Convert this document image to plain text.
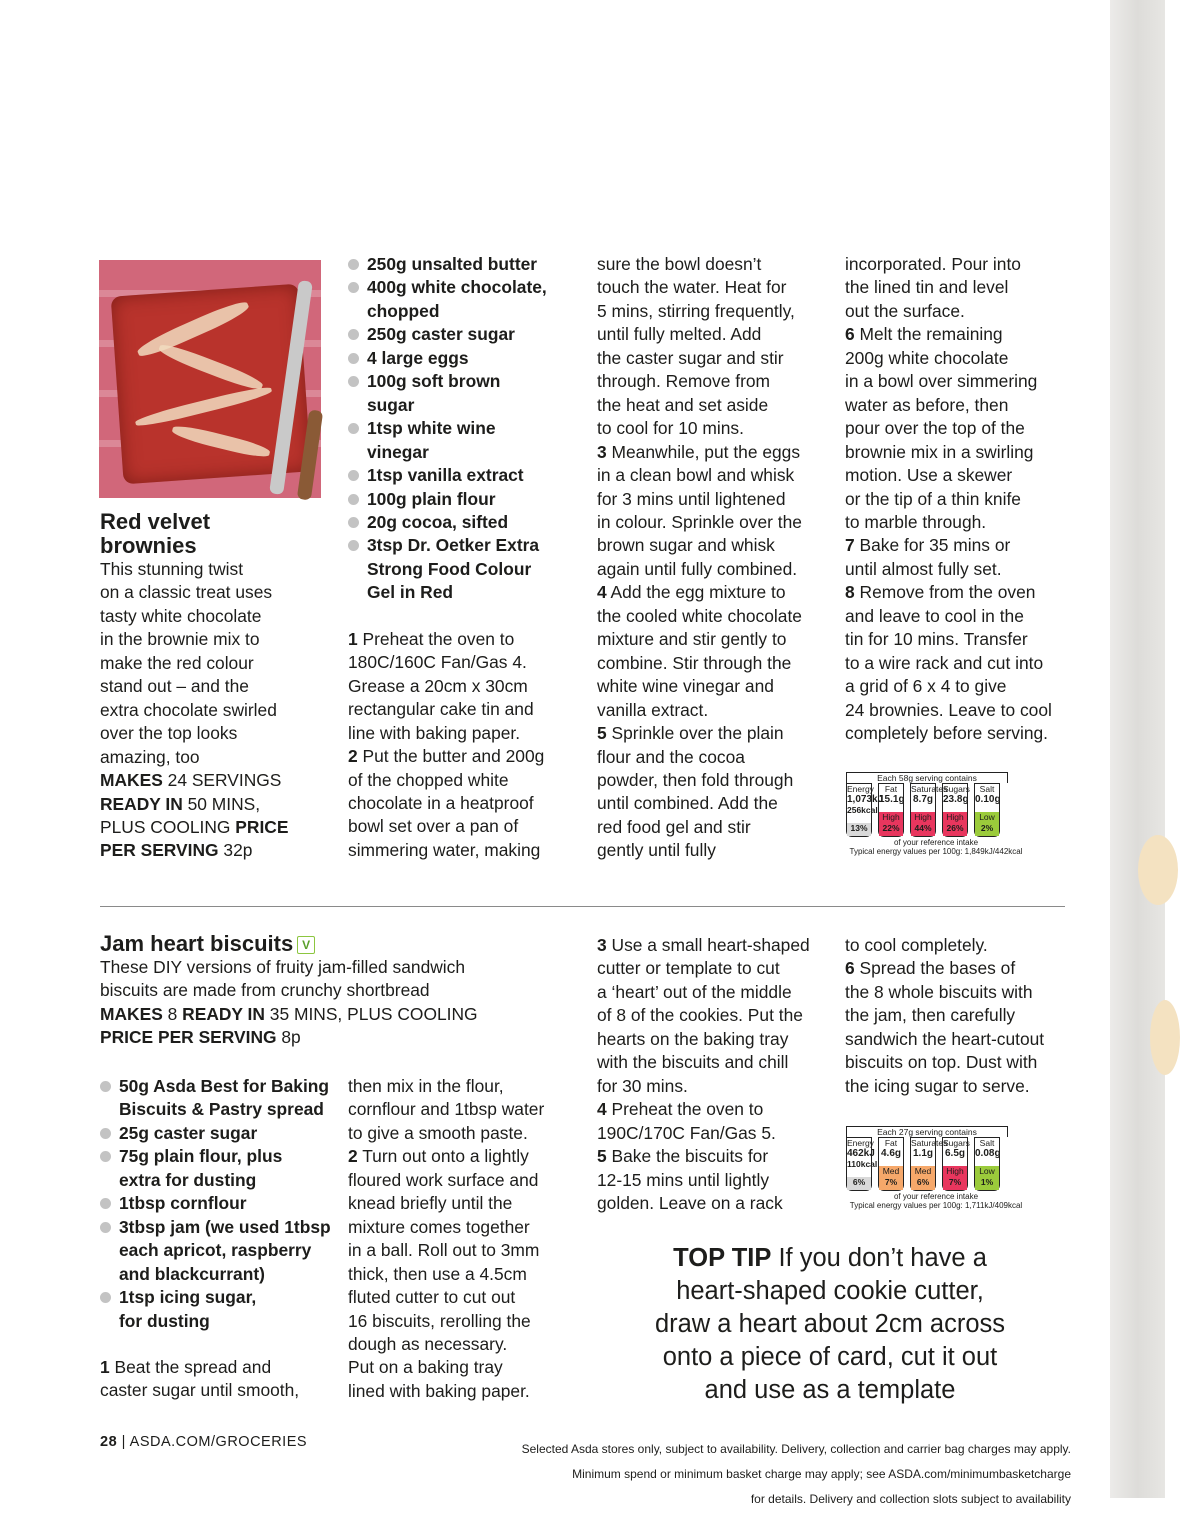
Red velvet
brownies

This stunning twist

on a classic treat uses

tasty white chocolate

in the brownie mix to

make the red colour

stand out – and the

extra chocolate swirled

over the top looks

amazing, too

MAKES 24 SERVINGS

READY IN 50 MINS,

PLUS COOLING PRICE

PER SERVING 32p

250g unsalted butter
400g white chocolate,
chopped
250g caster sugar
4 large eggs
100g soft brown
sugar
1tsp white wine
vinegar
1tsp vanilla extract
100g plain flour
20g cocoa, sifted
3tsp Dr. Oetker Extra
Strong Food Colour
Gel in Red

1 Preheat the oven to

180C/160C Fan/Gas 4.

Grease a 20cm x 30cm

rectangular cake tin and

line with baking paper.

2 Put the butter and 200g

of the chopped white

chocolate in a heatproof

bowl set over a pan of

simmering water, making

sure the bowl doesn’t

touch the water. Heat for

5 mins, stirring frequently,

until fully melted. Add

the caster sugar and stir

through. Remove from

the heat and set aside

to cool for 10 mins.

3 Meanwhile, put the eggs

in a clean bowl and whisk

for 3 mins until lightened

in colour. Sprinkle over the

brown sugar and whisk

again until fully combined.

4 Add the egg mixture to

the cooled white chocolate

mixture and stir gently to

combine. Stir through the

white wine vinegar and

vanilla extract.

5 Sprinkle over the plain

flour and the cocoa

powder, then fold through

until combined. Add the

red food gel and stir

gently until fully

incorporated. Pour into

the lined tin and level

out the surface.

6 Melt the remaining

200g white chocolate

in a bowl over simmering

water as before, then

pour over the top of the

brownie mix in a swirling

motion. Use a skewer

or the tip of a thin knife

to marble through.

7 Bake for 35 mins or

until almost fully set.

8 Remove from the oven

and leave to cool in the

tin for 10 mins. Transfer

to a wire rack and cut into

a grid of 6 x 4 to give

24 brownies. Leave to cool

completely before serving.

Each 58g serving contains
Energy
1,073kJ
256kcal
13%
Fat
15.1g
High
22%
Saturates
8.7g
High
44%
Sugars
23.8g
High
26%
Salt
0.10g
Low
2%
of your reference intake
Typical energy values per 100g: 1,849kJ/442kcal
Jam heart biscuits V

These DIY versions of fruity jam-filled sandwich

biscuits are made from crunchy shortbread

MAKES 8 READY IN 35 MINS, PLUS COOLING

PRICE PER SERVING 8p

50g Asda Best for Baking
Biscuits & Pastry spread
25g caster sugar
75g plain flour, plus
extra for dusting
1tbsp cornflour
3tbsp jam (we used 1tbsp
each apricot, raspberry
and blackcurrant)
1tsp icing sugar,
for dusting

1 Beat the spread and

caster sugar until smooth,

then mix in the flour,

cornflour and 1tbsp water

to give a smooth paste.

2 Turn out onto a lightly

floured work surface and

knead briefly until the

mixture comes together

in a ball. Roll out to 3mm

thick, then use a 4.5cm

fluted cutter to cut out

16 biscuits, rerolling the

dough as necessary.

Put on a baking tray

lined with baking paper.

3 Use a small heart-shaped

cutter or template to cut

a ‘heart’ out of the middle

of 8 of the cookies. Put the

hearts on the baking tray

with the biscuits and chill

for 30 mins.

4 Preheat the oven to

190C/170C Fan/Gas 5.

5 Bake the biscuits for

12-15 mins until lightly

golden. Leave on a rack

to cool completely.

6 Spread the bases of

the 8 whole biscuits with

the jam, then carefully

sandwich the heart-cutout

biscuits on top. Dust with

the icing sugar to serve.

Each 27g serving contains
Energy
462kJ
110kcal
6%
Fat
4.6g
Med
7%
Saturates
1.1g
Med
6%
Sugars
6.5g
High
7%
Salt
0.08g
Low
1%
of your reference intake
Typical energy values per 100g: 1,711kJ/409kcal
TOP TIP If you don’t have a
heart-shaped cookie cutter,
draw a heart about 2cm across
onto a piece of card, cut it out
and use as a template
28 | ASDA.COM/GROCERIES	Selected Asda stores only, subject to availability. Delivery, collection and carrier bag charges may apply.

Minimum spend or minimum basket charge may apply; see ASDA.com/minimumbasketcharge

for details. Delivery and collection slots subject to availability
